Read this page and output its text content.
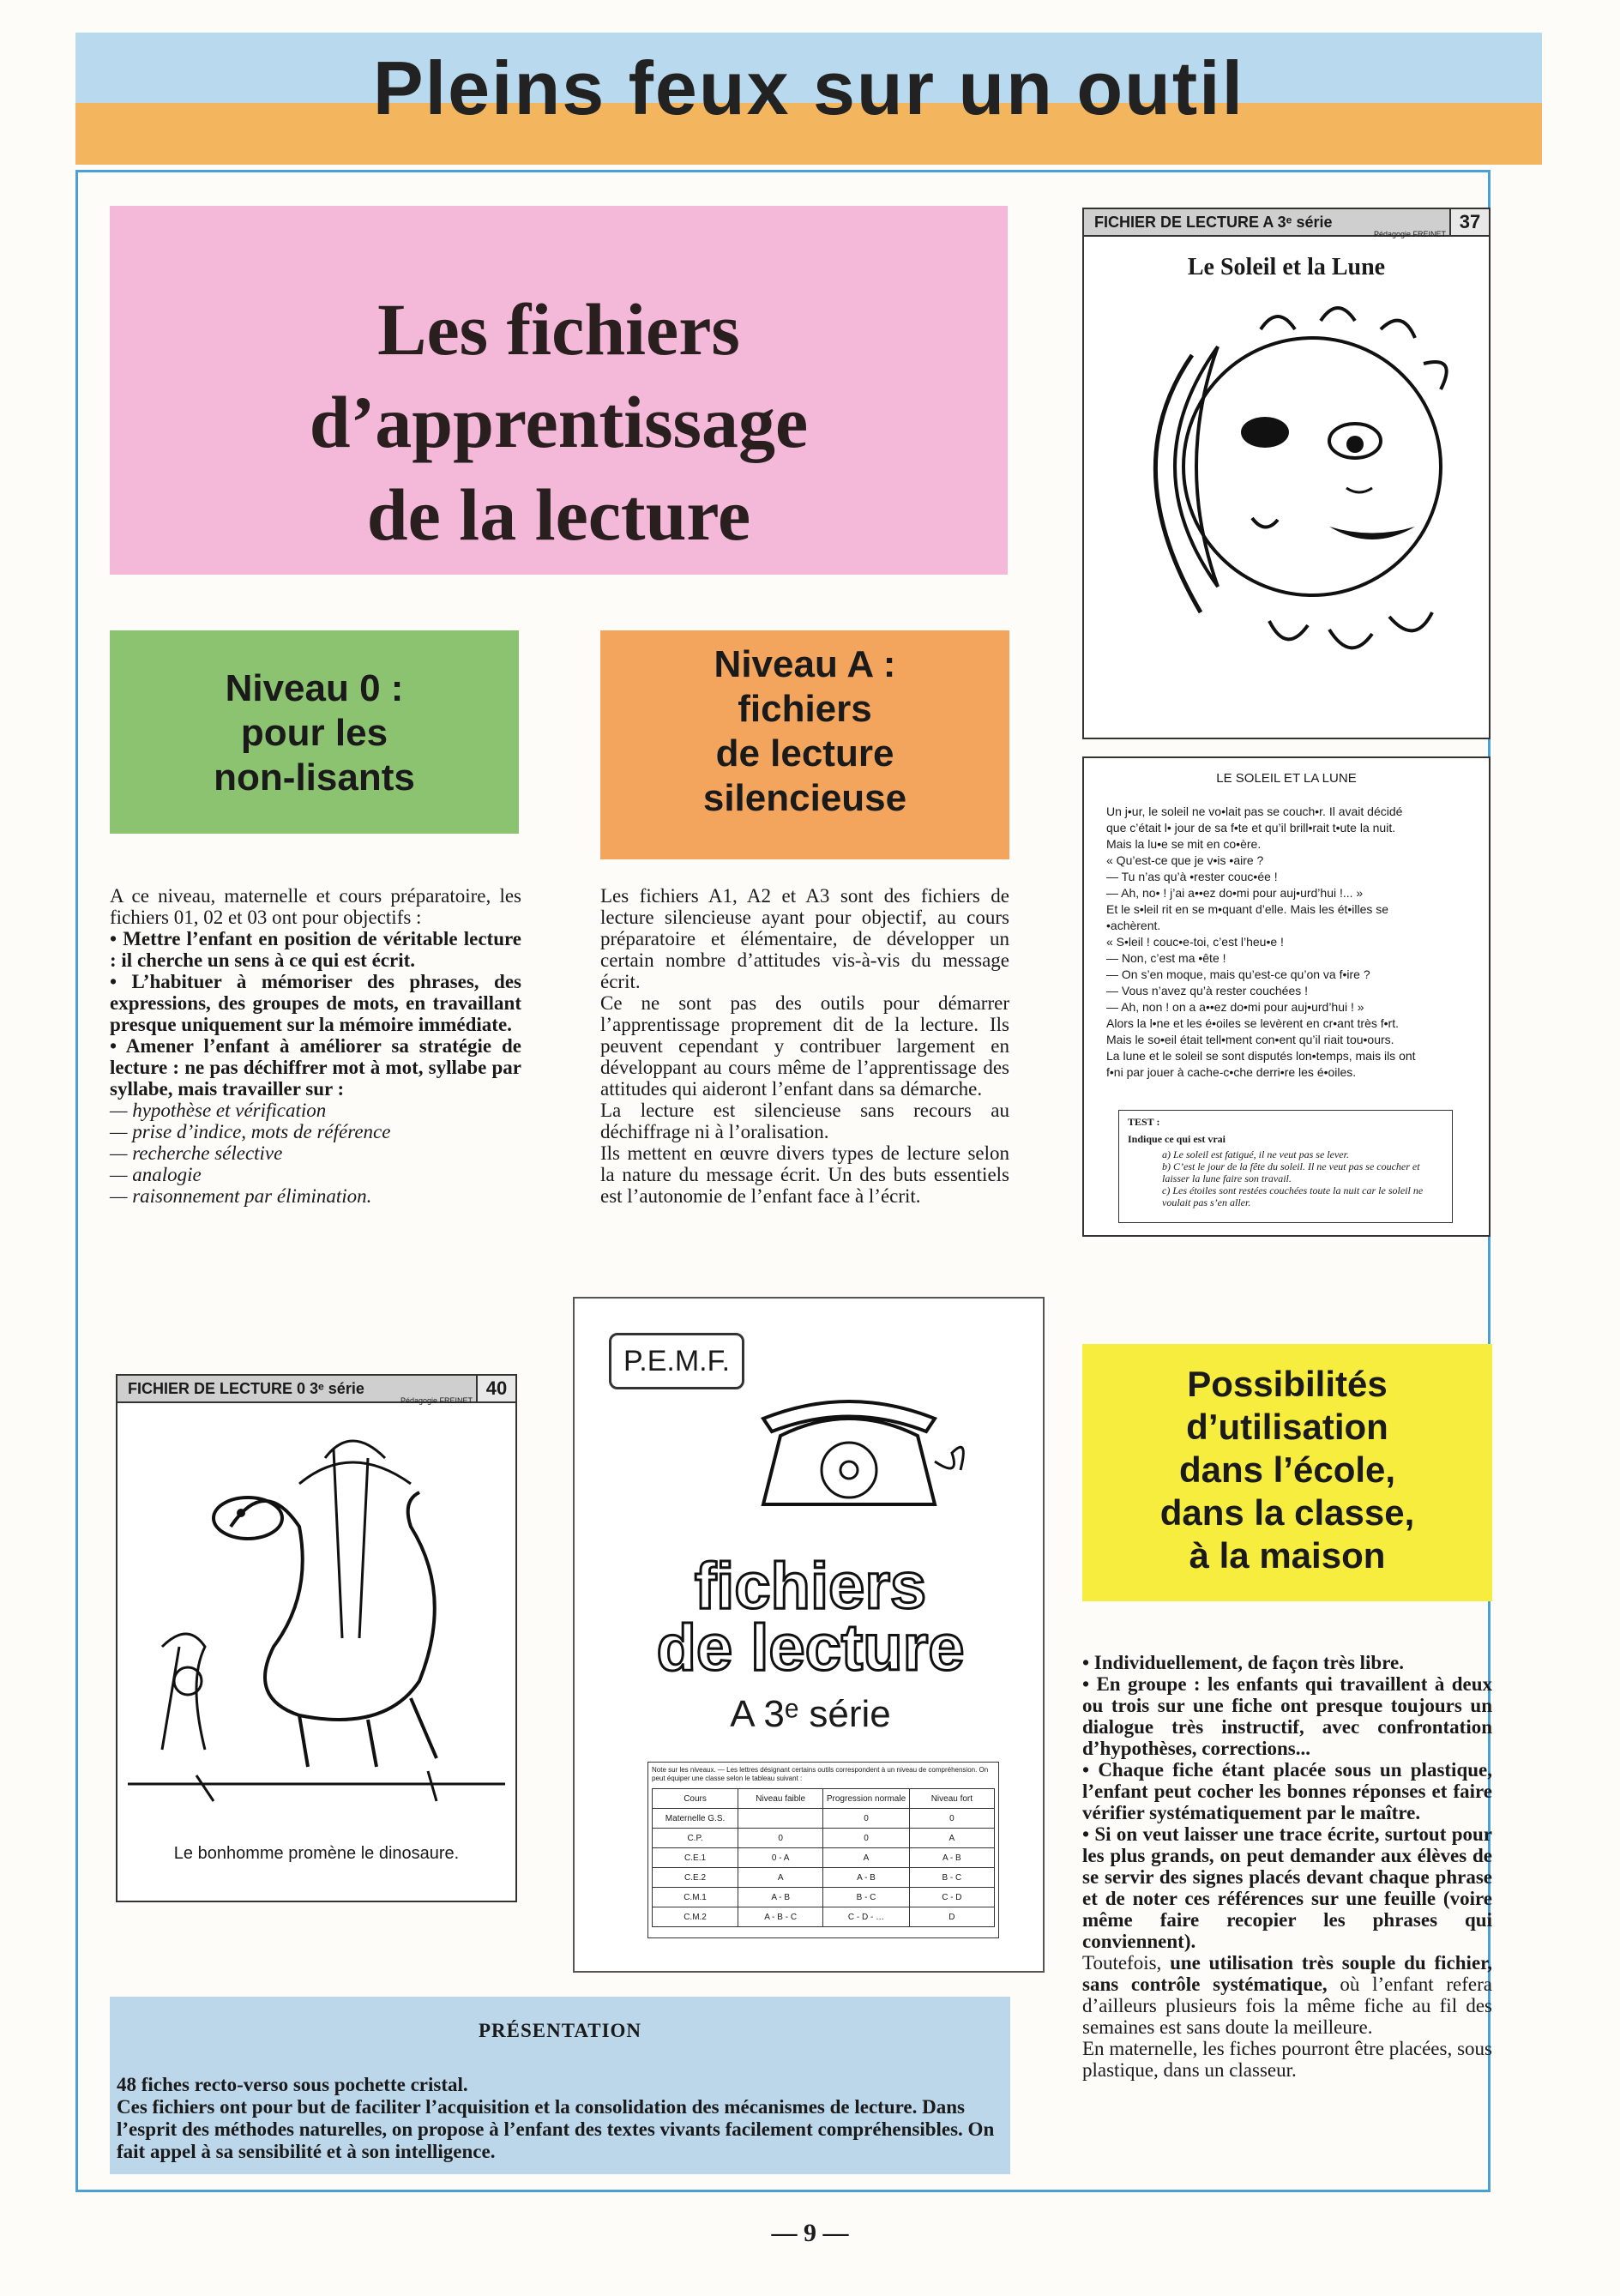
Pleins feux sur un outil
Les fichiers
d’apprentissage
de la lecture
Niveau 0 :
pour les
non-lisants
Niveau A :
fichiers
de lecture
silencieuse

A ce niveau, maternelle et cours préparatoire, les fichiers 01, 02 et 03 ont pour objectifs :

• Mettre l’enfant en position de véritable lecture : il cherche un sens à ce qui est écrit.

• L’habituer à mémoriser des phrases, des expressions, des groupes de mots, en travaillant presque uniquement sur la mémoire immédiate.

• Amener l’enfant à améliorer sa stratégie de lecture : ne pas déchiffrer mot à mot, syllabe par syllabe, mais travailler sur :

— hypothèse et vérification

— prise d’indice, mots de référence

— recherche sélective

— analogie

— raisonnement par élimination.

Les fichiers A1, A2 et A3 sont des fichiers de lecture silencieuse ayant pour objectif, au cours préparatoire et élémentaire, de développer un certain nombre d’attitudes vis-à-vis du message écrit.

Ce ne sont pas des outils pour démarrer l’apprentissage proprement dit de la lecture. Ils peuvent cependant y contribuer largement en développant au cours même de l’apprentissage des attitudes qui aideront l’enfant dans sa démarche.

La lecture est silencieuse sans recours au déchiffrage ni à l’oralisation.

Ils mettent en œuvre divers types de lecture selon la nature du message écrit. Un des buts essentiels est l’autonomie de l’enfant face à l’écrit.

FICHIER DE LECTURE A 3ᵉ série
Pédagogie FREINET
37
Le Soleil et la Lune
LE SOLEIL ET LA LUNE
Un j•ur, le soleil ne vo•lait pas se couch•r. Il avait décidé
que c’était l• jour de sa f•te et qu’il brill•rait t•ute la nuit.
Mais la lu•e se mit en co•ère.
« Qu’est-ce que je v•is •aire ?
— Tu n’as qu’à •rester couc•ée !
— Ah, no• ! j’ai a••ez do•mi pour auj•urd’hui !... »
Et le s•leil rit en se m•quant d’elle. Mais les ét•illes se
•achèrent.
« S•leil ! couc•e-toi, c’est l’heu•e !
— Non, c’est ma •ête !
— On s’en moque, mais qu’est-ce qu’on va f•ire ?
— Vous n’avez qu’à rester couchées !
— Ah, non ! on a a••ez do•mi pour auj•urd’hui ! »
Alors la l•ne et les é•oiles se levèrent en cr•ant très f•rt.
Mais le so•eil était tell•ment con•ent qu’il riait tou•ours.
La lune et le soleil se sont disputés lon•temps, mais ils ont
f•ni par jouer à cache-c•che derri•re les é•oiles.
TEST :
Indique ce qui est vrai
a) Le soleil est fatigué, il ne veut pas se lever.
b) C’est le jour de la fête du soleil. Il ne veut pas se coucher et laisser la lune faire son travail.
c) Les étoiles sont restées couchées toute la nuit car le soleil ne voulait pas s’en aller.
FICHIER DE LECTURE 0 3ᵉ série
Pédagogie FREINET
40
Le bonhomme promène le dinosaure.
P.E.M.F.
fichiers
de lecture
A 3ᵉ série
Note sur les niveaux. — Les lettres désignant certains outils correspondent à un niveau de compréhension. On peut équiper une classe selon le tableau suivant :
Cours	Niveau faible	Progression normale	Niveau fort
Maternelle G.S.		0	0
C.P.	0	0	A
C.E.1	0 - A	A	A - B
C.E.2	A	A - B	B - C
C.M.1	A - B	B - C	C - D
C.M.2	A - B - C	C - D - …	D
Possibilités
d’utilisation
dans l’école,
dans la classe,
à la maison

• Individuellement, de façon très libre.

• En groupe : les enfants qui travaillent à deux ou trois sur une fiche ont presque toujours un dialogue très instructif, avec confrontation d’hypothèses, corrections...

• Chaque fiche étant placée sous un plastique, l’enfant peut cocher les bonnes réponses et faire vérifier systématiquement par le maître.

• Si on veut laisser une trace écrite, surtout pour les plus grands, on peut demander aux élèves de se servir des signes placés devant chaque phrase et de noter ces références sur une feuille (voire même faire recopier les phrases qui conviennent).

Toutefois, une utilisation très souple du fichier, sans contrôle systématique, où l’enfant refera d’ailleurs plusieurs fois la même fiche au fil des semaines est sans doute la meilleure.

En maternelle, les fiches pourront être placées, sous plastique, dans un classeur.

PRÉSENTATION

48 fiches recto-verso sous pochette cristal.

Ces fichiers ont pour but de faciliter l’acquisition et la consolidation des mécanismes de lecture. Dans l’esprit des méthodes naturelles, on propose à l’enfant des textes vivants facilement compréhensibles. On fait appel à sa sensibilité et à son intelligence.

— 9 —
